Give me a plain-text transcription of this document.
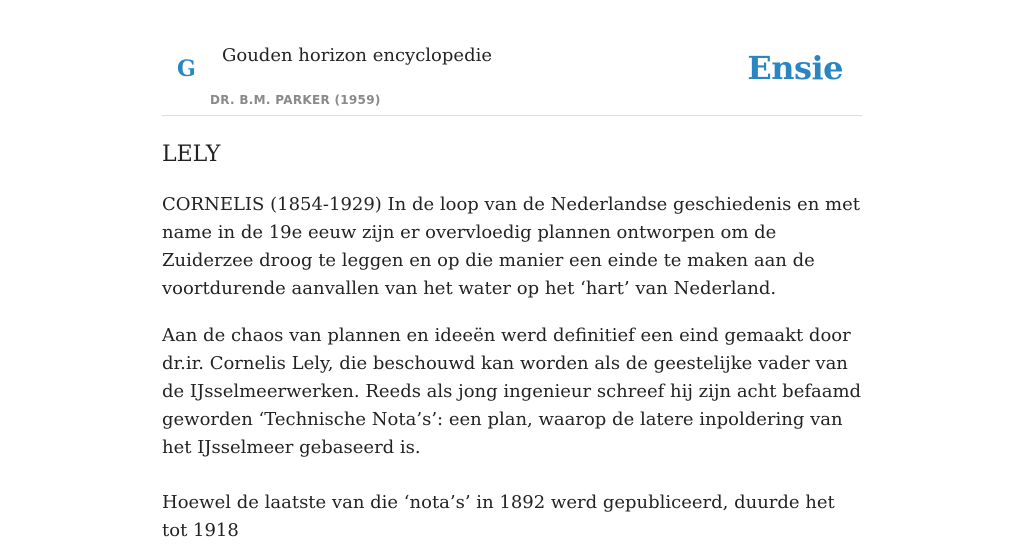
G
Gouden horizon encyclopedie
DR. B.M. PARKER (1959)
Ensie
LELY

CORNELIS (1854-1929) In de loop van de Nederlandse geschiedenis en met name in de 19e eeuw zijn er overvloedig plannen ontworpen om de Zuiderzee droog te leggen en op die manier een einde te maken aan de voortdurende aanvallen van het water op het ‘hart’ van Nederland.

Aan de chaos van plannen en ideeën werd definitief een eind gemaakt door dr.ir. Cornelis Lely, die beschouwd kan worden als de geestelijke vader van de IJsselmeerwerken. Reeds als jong ingenieur schreef hij zijn acht befaamd geworden ‘Technische Nota’s’: een plan, waarop de latere inpoldering van het IJsselmeer gebaseerd is.

Hoewel de laatste van die ‘nota’s’ in 1892 werd gepubliceerd, duurde het tot 1918
